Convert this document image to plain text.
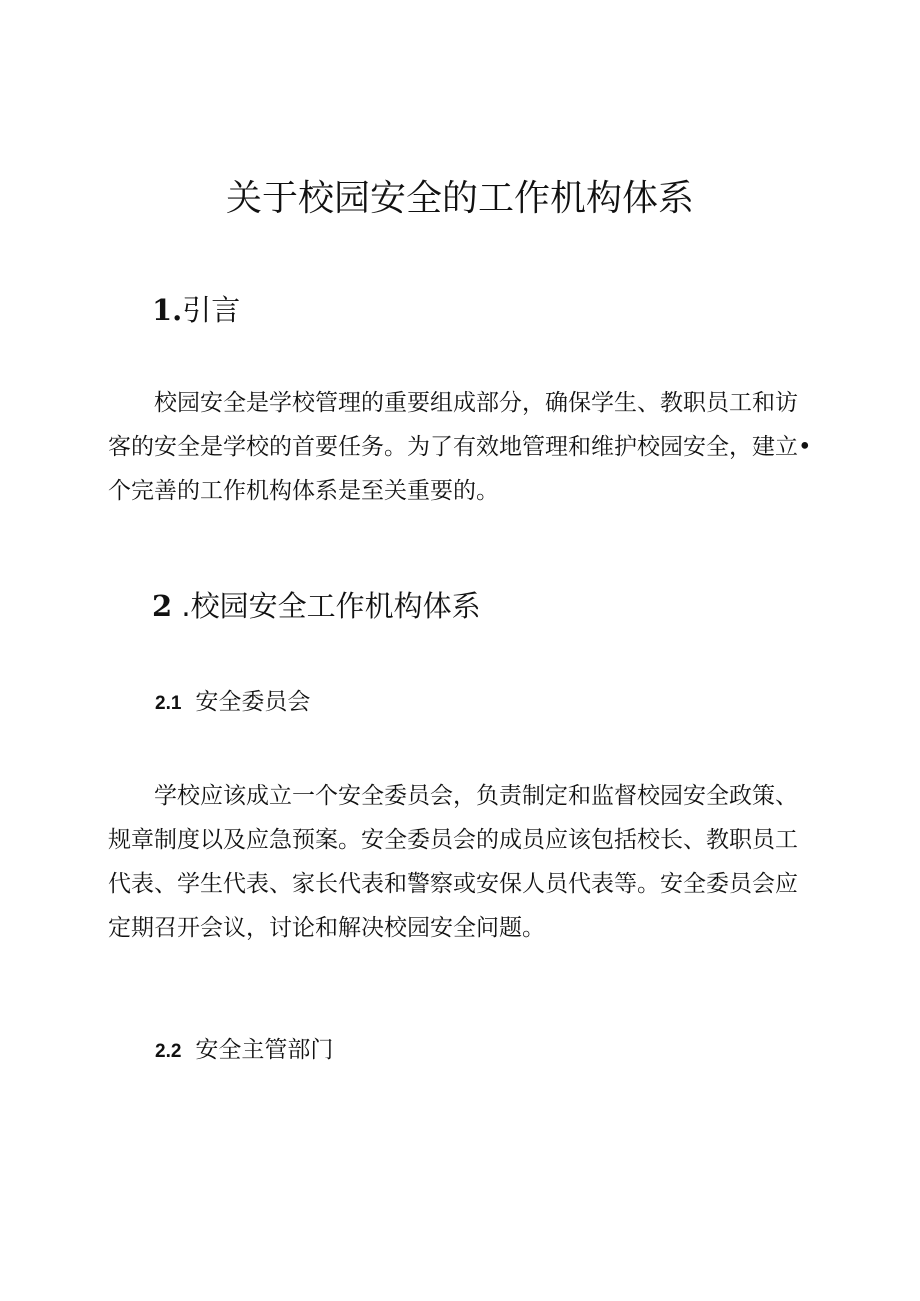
关于校园安全的工作机构体系
1.引言

校园安全是学校管理的重要组成部分，确保学生、教职员工和访
客的安全是学校的首要任务。为了有效地管理和维护校园安全，建立•
个完善的工作机构体系是至关重要的。

2 .校园安全工作机构体系
2.1 安全委员会

学校应该成立一个安全委员会，负责制定和监督校园安全政策、
规章制度以及应急预案。安全委员会的成员应该包括校长、教职员工
代表、学生代表、家长代表和警察或安保人员代表等。安全委员会应
定期召开会议，讨论和解决校园安全问题。

2.2 安全主管部门
